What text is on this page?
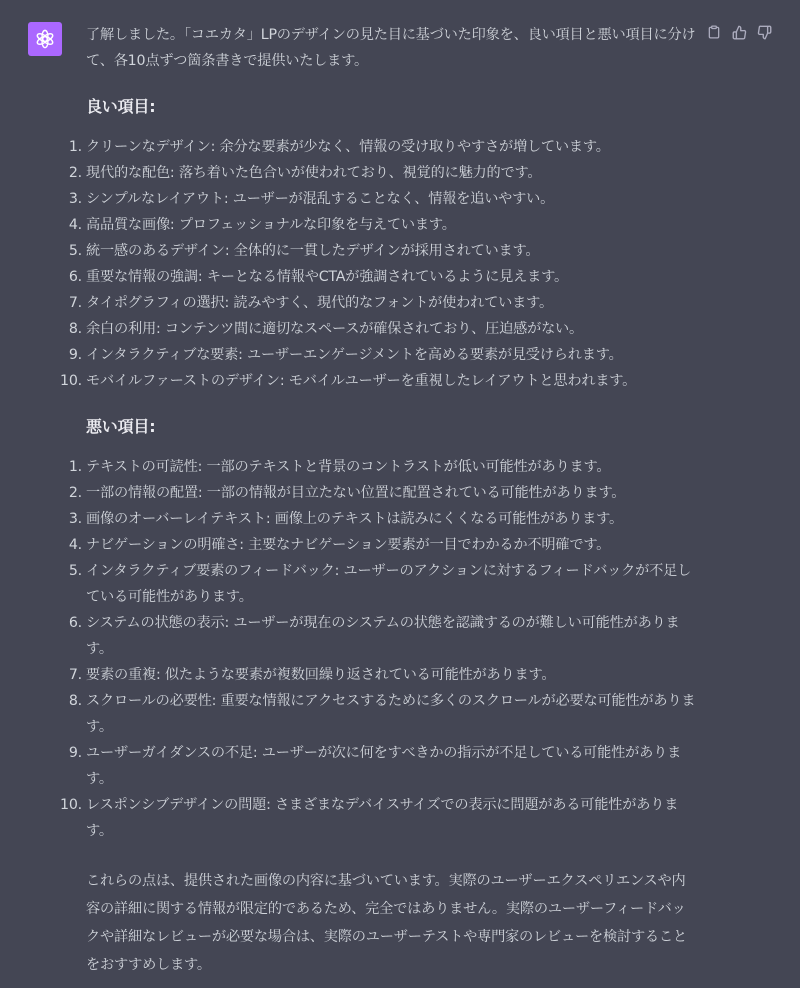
了解しました。「コエカタ」LPのデザインの見た目に基づいた印象を、良い項目と悪い項目に分けて、各10点ずつ箇条書きで提供いたします。

良い項目:

1. クリーンなデザイン: 余分な要素が少なく、情報の受け取りやすさが増しています。
2. 現代的な配色: 落ち着いた色合いが使われており、視覚的に魅力的です。
3. シンプルなレイアウト: ユーザーが混乱することなく、情報を追いやすい。
4. 高品質な画像: プロフェッショナルな印象を与えています。
5. 統一感のあるデザイン: 全体的に一貫したデザインが採用されています。
6. 重要な情報の強調: キーとなる情報やCTAが強調されているように見えます。
7. タイポグラフィの選択: 読みやすく、現代的なフォントが使われています。
8. 余白の利用: コンテンツ間に適切なスペースが確保されており、圧迫感がない。
9. インタラクティブな要素: ユーザーエンゲージメントを高める要素が見受けられます。
10. モバイルファーストのデザイン: モバイルユーザーを重視したレイアウトと思われます。

悪い項目:

1. テキストの可読性: 一部のテキストと背景のコントラストが低い可能性があります。
2. 一部の情報の配置: 一部の情報が目立たない位置に配置されている可能性があります。
3. 画像のオーバーレイテキスト: 画像上のテキストは読みにくくなる可能性があります。
4. ナビゲーションの明確さ: 主要なナビゲーション要素が一目でわかるか不明確です。
5. インタラクティブ要素のフィードバック: ユーザーのアクションに対するフィードバックが不足している可能性があります。
6. システムの状態の表示: ユーザーが現在のシステムの状態を認識するのが難しい可能性があります。
7. 要素の重複: 似たような要素が複数回繰り返されている可能性があります。
8. スクロールの必要性: 重要な情報にアクセスするために多くのスクロールが必要な可能性があります。
9. ユーザーガイダンスの不足: ユーザーが次に何をすべきかの指示が不足している可能性があります。
10. レスポンシブデザインの問題: さまざまなデバイスサイズでの表示に問題がある可能性があります。

これらの点は、提供された画像の内容に基づいています。実際のユーザーエクスペリエンスや内容の詳細に関する情報が限定的であるため、完全ではありません。実際のユーザーフィードバックや詳細なレビューが必要な場合は、実際のユーザーテストや専門家のレビューを検討することをおすすめします。
